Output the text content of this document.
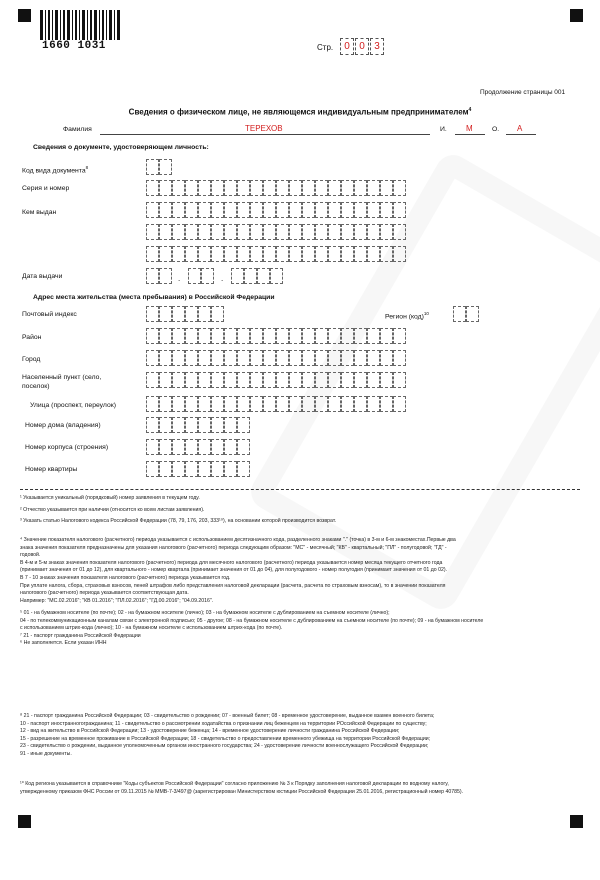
1660 1031	Стр.	0 0 3
Продолжение страницы 001
Сведения о физическом лице, не являющемся индивидуальным предпринимателем$^4$
Фамилия	ТЕРЕХОВ	И. М	О. А
Сведения о документе, удостоверяющем личность:
Код вида документа$^8$
Серия и номер
Кем выдан
Дата выдачи	.	.
Адрес места жительства (места пребывания) в Российской Федерации
Почтовый индекс	Регион (код)$^{10}$
Район
Город
Населенный пункт (село,
поселок)
Улица (проспект, переулок)
Номер дома (владения)
Номер корпуса (строения)
Номер квартиры

¹ Указывается уникальный (порядковый) номер заявления в текущем году.

² Отчество указывается при наличии (относится ко всем листам заявления).

³ Указать статью Налогового кодекса Российской Федерации (78, 79, 176, 203, 333¹⁹), на основании которой производится возврат.

⁴ Значение показателя налогового (расчетного) периода указывается с использованием десятизначного кода, разделенного знаками "." (точка) в 3-м и 6-м знакоместах.Первые два

знака значения показателя предназначены для указания налогового (расчетного) периода следующим образом: "МС" - месячный; "КВ" - квартальный; "ПЛ" - полугодовой; "ГД" -

годовой.

В 4-м и 5-м знаках значения показателя налогового (расчетного) периода для месячного налогового (расчетного) периода указывается номер месяца текущего отчетного года

(принимает значения от 01 до 12), для квартального - номер квартала (принимает значения от 01 до 04), для полугодового - номер полугодия (принимает значения от 01 до 02).

В 7 - 10 знаках значения показателя налогового (расчетного) периода указывается год.

При уплате налога, сбора, страховых взносов, пеней штрафов либо представления налоговой декларации (расчета, расчета по страховым взносам), то в значении показателя

налогового (расчетного) периода указывается соответствующая дата.

Например: "МС.02.2016"; "КВ 01.2016"; "ПЛ.02.2016"; "ГД.00.2016"; "04.09.2016".

⁵ 01 - на бумажном носителе (по почте); 02 - на бумажном носителе (лично); 03 - на бумажном носителе с дублированием на съемном носителе (лично);

04 - по телекоммуникационным каналам связи с электронной подписью; 05 - другое; 08 - на бумажном носителе с дублированием на съемном носителе (по почте); 09 - на бумажном носителе

с использованием штрих-кода (лично); 10 - на бумажном носителе с использованием штрих-кода (по почте).

⁷ 21 - паспорт гражданина Российской Федерации

⁶ Не заполняется. Если указан ИНН

⁸ 21 - паспорт гражданина Российской Федерации; 03 - свидетельство о рождении; 07 - военный билет; 08 - временное удостоверение, выданное взамен военного билета;

10 - паспорт иностранногогражданина; 11 - свидетельство о рассмотрении ходатайства о признании лиц беженцем на территории РОссийской Федерации по существу;

12 - вид на жительство в Российской Федерации; 13 - удостоверение беженца; 14 - временное удостоверение личности гражданина Российской Федерации;

15 - разрешение на временное проживание в Российской Федерации; 18 - свидетельство о предоставлении временного убежища на территории Российской Федерации;

23 - свидетельство о рождении, выданное уполномоченным органом иностранного государства; 24 - удостоверение личности военнослужащего Российской Федерации;

91 - иные документы.

¹⁰ Код региона указывается в справочнике "Коды субъектов Российской Федерации" согласно приложению № 3 к Порядку заполнения налоговой декларации по водному налогу,

утвержденному приказом ФНС России от 09.11.2015 № ММВ-7-3/497@ (зарегистрирован Министерством юстиции Российской Федерации 25.01.2016, регистрационный номер 40785).
